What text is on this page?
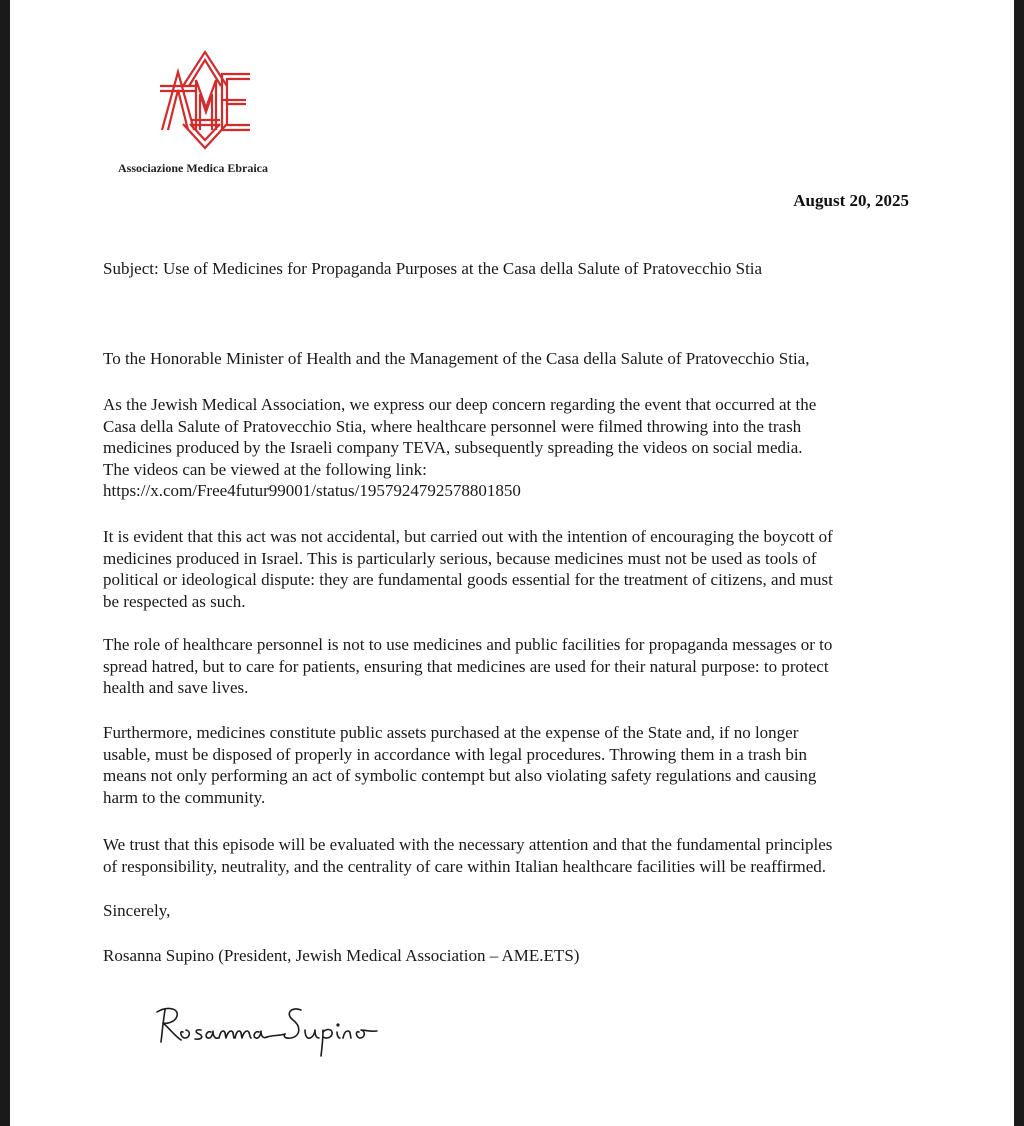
Associazione Medica Ebraica
August 20, 2025

Subject: Use of Medicines for Propaganda Purposes at the Casa della Salute of Pratovecchio Stia

To the Honorable Minister of Health and the Management of the Casa della Salute of Pratovecchio Stia,

As the Jewish Medical Association, we express our deep concern regarding the event that occurred at the
Casa della Salute of Pratovecchio Stia, where healthcare personnel were filmed throwing into the trash
medicines produced by the Israeli company TEVA, subsequently spreading the videos on social media.
The videos can be viewed at the following link:
https://x.com/Free4futur99001/status/1957924792578801850

It is evident that this act was not accidental, but carried out with the intention of encouraging the boycott of
medicines produced in Israel. This is particularly serious, because medicines must not be used as tools of
political or ideological dispute: they are fundamental goods essential for the treatment of citizens, and must
be respected as such.

The role of healthcare personnel is not to use medicines and public facilities for propaganda messages or to
spread hatred, but to care for patients, ensuring that medicines are used for their natural purpose: to protect
health and save lives.

Furthermore, medicines constitute public assets purchased at the expense of the State and, if no longer
usable, must be disposed of properly in accordance with legal procedures. Throwing them in a trash bin
means not only performing an act of symbolic contempt but also violating safety regulations and causing
harm to the community.

We trust that this episode will be evaluated with the necessary attention and that the fundamental principles
of responsibility, neutrality, and the centrality of care within Italian healthcare facilities will be reaffirmed.

Sincerely,

Rosanna Supino (President, Jewish Medical Association – AME.ETS)
